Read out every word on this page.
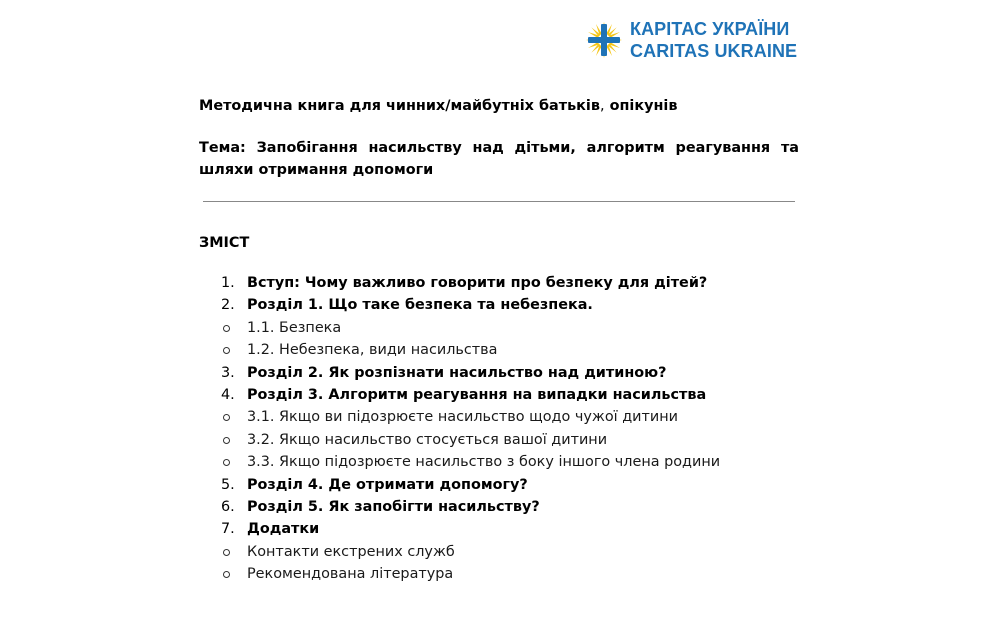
КАРІТАС УКРАЇНИ
CARITAS UKRAINE

Методична книга для чинних/майбутніх батьків, опікунів

Тема: Запобігання насильству над дітьми, алгоритм реагування та шляхи отримання допомоги

ЗМІСТ

1. Вступ: Чому важливо говорити про безпеку для дітей?
2. Розділ 1. Що таке безпека та небезпека.
1.1. Безпека
1.2. Небезпека, види насильства
3. Розділ 2. Як розпізнати насильство над дитиною?
4. Розділ 3. Алгоритм реагування на випадки насильства
3.1. Якщо ви підозрюєте насильство щодо чужої дитини
3.2. Якщо насильство стосується вашої дитини
3.3. Якщо підозрюєте насильство з боку іншого члена родини
5. Розділ 4. Де отримати допомогу?
6. Розділ 5. Як запобігти насильству?
7. Додатки
Контакти екстрених служб
Рекомендована література
